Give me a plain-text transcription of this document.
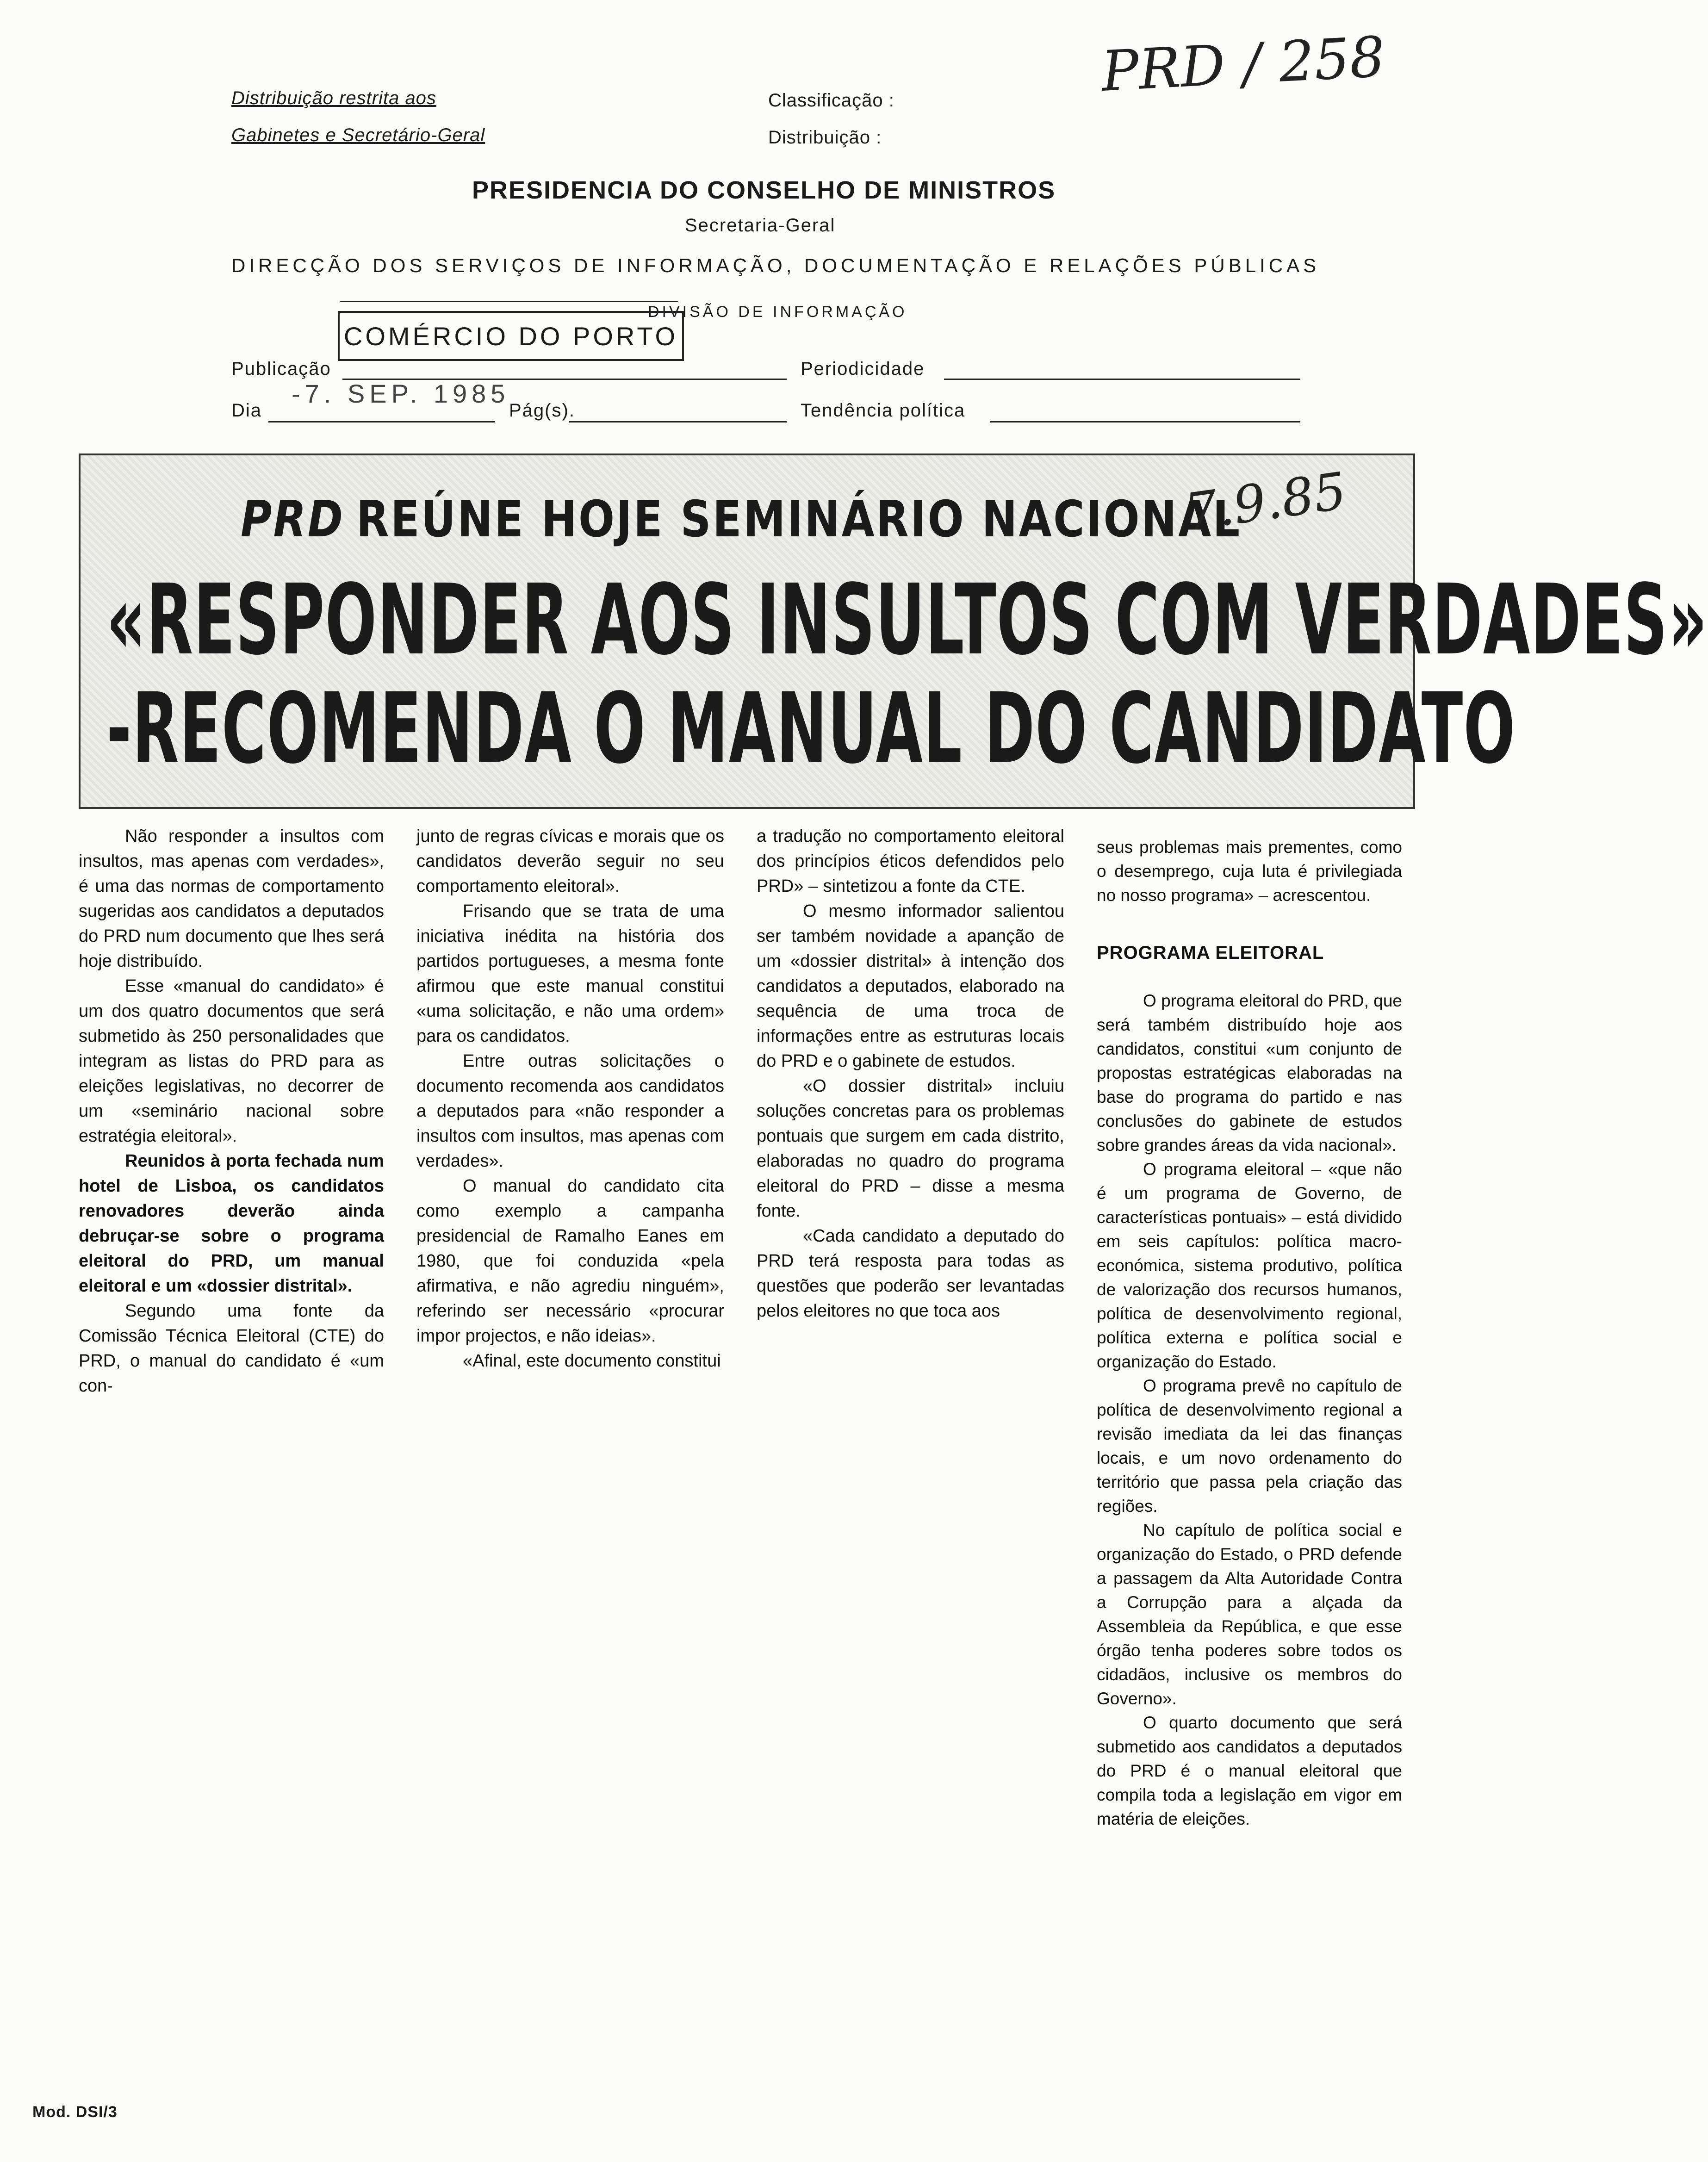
Distribuição restrita aos
Gabinetes e Secretário-Geral
Classificação :
Distribuição :
PRD / 258
PRESIDENCIA DO CONSELHO DE MINISTROS
Secretaria-Geral
DIRECÇÃO DOS SERVIÇOS DE INFORMAÇÃO, DOCUMENTAÇÃO E RELAÇÕES PÚBLICAS
DIVISÃO DE INFORMAÇÃO
COMÉRCIO DO PORTO
Publicação	Periodicidade
-7. SEP. 1985
Dia	Pág(s).	Tendência política
PRD REÚNE HOJE SEMINÁRIO NACIONAL
7.9.85
«RESPONDER AOS INSULTOS COM VERDADES»
-RECOMENDA O MANUAL DO CANDIDATO

Não responder a insultos com insultos, mas apenas com verdades», é uma das normas de comportamento sugeridas aos candidatos a deputados do PRD num documento que lhes será hoje distribuído.

Esse «manual do candidato» é um dos quatro documentos que será submetido às 250 personalidades que integram as listas do PRD para as eleições legislativas, no decorrer de um «seminário nacional sobre estratégia eleitoral».

Reunidos à porta fechada num hotel de Lisboa, os candidatos renovadores deverão ainda debruçar-se sobre o programa eleitoral do PRD, um manual eleitoral e um «dossier distrital».

Segundo uma fonte da Comissão Técnica Eleitoral (CTE) do PRD, o manual do candidato é «um con-

junto de regras cívicas e morais que os candidatos deverão seguir no seu comportamento eleitoral».

Frisando que se trata de uma iniciativa inédita na história dos partidos portugueses, a mesma fonte afirmou que este manual constitui «uma solicitação, e não uma ordem» para os candidatos.

Entre outras solicitações o documento recomenda aos candidatos a deputados para «não responder a insultos com insultos, mas apenas com verdades».

O manual do candidato cita como exemplo a campanha presidencial de Ramalho Eanes em 1980, que foi conduzida «pela afirmativa, e não agrediu ninguém», referindo ser necessário «procurar impor projectos, e não ideias».

«Afinal, este documento constitui

a tradução no comportamento eleitoral dos princípios éticos defendidos pelo PRD» – sintetizou a fonte da CTE.

O mesmo informador salientou ser também novidade a apanção de um «dossier distrital» à intenção dos candidatos a deputados, elaborado na sequência de uma troca de informações entre as estruturas locais do PRD e o gabinete de estudos.

«O dossier distrital» incluiu soluções concretas para os problemas pontuais que surgem em cada distrito, elaboradas no quadro do programa eleitoral do PRD – disse a mesma fonte.

«Cada candidato a deputado do PRD terá resposta para todas as questões que poderão ser levantadas pelos eleitores no que toca aos

seus problemas mais prementes, como o desemprego, cuja luta é privilegiada no nosso programa» – acrescentou.

PROGRAMA ELEITORAL

O programa eleitoral do PRD, que será também distribuído hoje aos candidatos, constitui «um conjunto de propostas estratégicas elaboradas na base do programa do partido e nas conclusões do gabinete de estudos sobre grandes áreas da vida nacional».

O programa eleitoral – «que não é um programa de Governo, de características pontuais» – está dividido em seis capítulos: política macro-económica, sistema produtivo, política de valorização dos recursos humanos, política de desenvolvimento regional, política externa e política social e organização do Estado.

O programa prevê no capítulo de política de desenvolvimento regional a revisão imediata da lei das finanças locais, e um novo ordenamento do território que passa pela criação das regiões.

No capítulo de política social e organização do Estado, o PRD defende a passagem da Alta Autoridade Contra a Corrupção para a alçada da Assembleia da República, e que esse órgão tenha poderes sobre todos os cidadãos, inclusive os membros do Governo».

O quarto documento que será submetido aos candidatos a deputados do PRD é o manual eleitoral que compila toda a legislação em vigor em matéria de eleições.

Mod. DSI/3
